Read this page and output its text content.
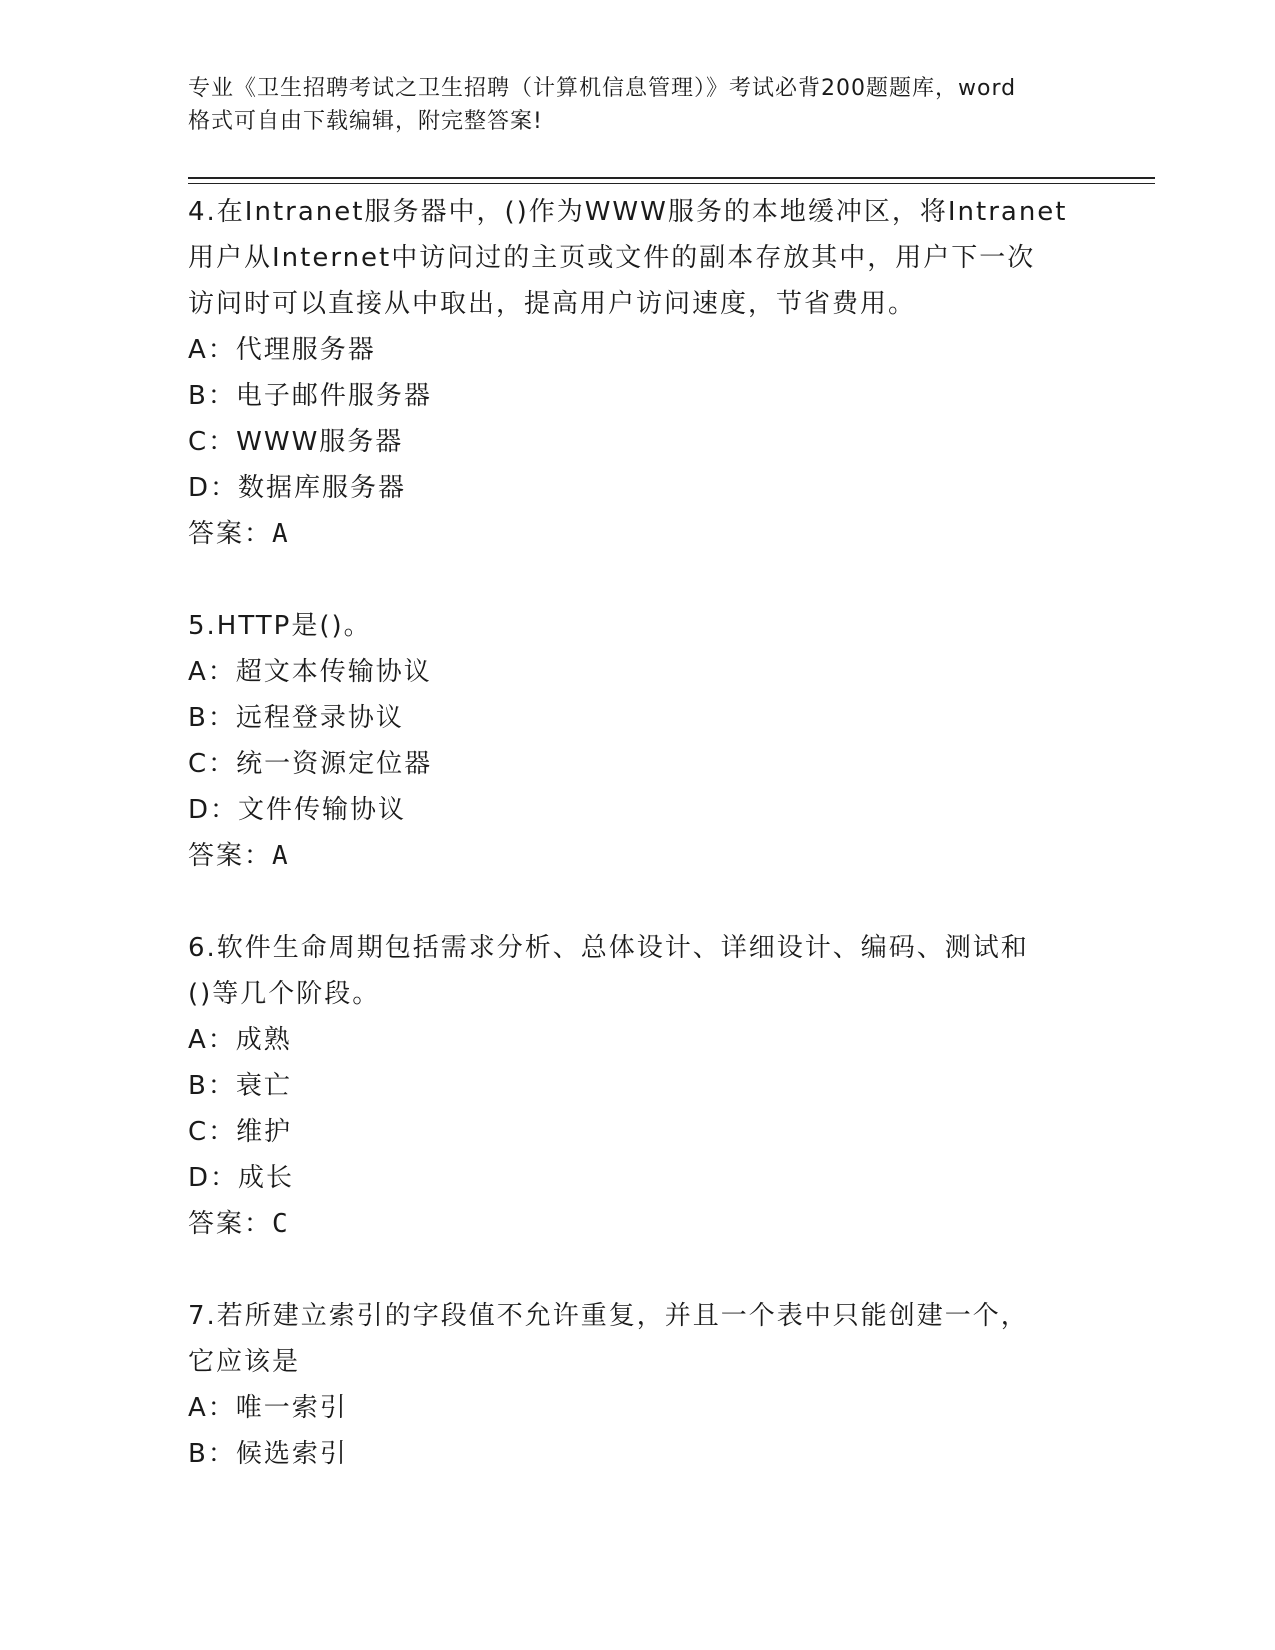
专业《卫生招聘考试之卫生招聘（计算机信息管理）》考试必背200题题库，word
格式可自由下载编辑，附完整答案!
4.在Intranet服务器中，()作为WWW服务的本地缓冲区，将Intranet
用户从Internet中访问过的主页或文件的副本存放其中，用户下一次
访问时可以直接从中取出，提高用户访问速度，节省费用。
A：代理服务器
B：电子邮件服务器
C：WWW服务器
D：数据库服务器
答案：A
5.HTTP是()。
A：超文本传输协议
B：远程登录协议
C：统一资源定位器
D：文件传输协议
答案：A
6.软件生命周期包括需求分析、总体设计、详细设计、编码、测试和
()等几个阶段。
A：成熟
B：衰亡
C：维护
D：成长
答案：C
7.若所建立索引的字段值不允许重复，并且一个表中只能创建一个，
它应该是
A：唯一索引
B：候选索引
